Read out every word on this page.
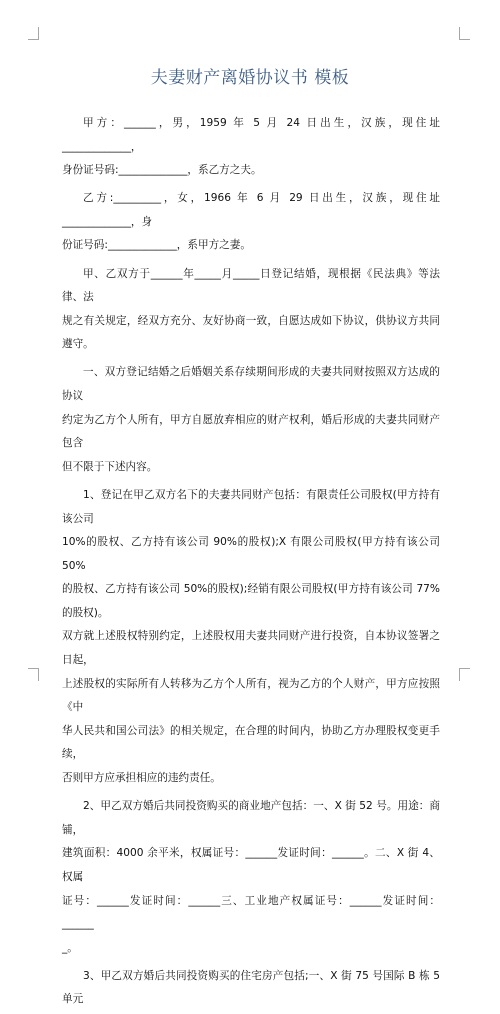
夫妻财产离婚协议书 模板
甲方：______，男，1959 年 5 月 24 日出生，汉族，现住址_____________，
身份证号码:_____________，系乙方之夫。
乙方:_________，女，1966 年 6 月 29 日出生，汉族，现住址_____________，身
份证号码:_____________，系甲方之妻。
甲、乙双方于______年_____月_____日登记结婚，现根据《民法典》等法律、法
规之有关规定，经双方充分、友好协商一致，自愿达成如下协议，供协议方共同遵守。
一、双方登记结婚之后婚姻关系存续期间形成的夫妻共同财按照双方达成的协议
约定为乙方个人所有，甲方自愿放弃相应的财产权利，婚后形成的夫妻共同财产包含
但不限于下述内容。
1、登记在甲乙双方名下的夫妻共同财产包括：有限责任公司股权(甲方持有该公司
10%的股权、乙方持有该公司 90%的股权);X 有限公司股权(甲方持有该公司 50%
的股权、乙方持有该公司 50%的股权);经销有限公司股权(甲方持有该公司 77%的股权)。
双方就上述股权特别约定，上述股权用夫妻共同财产进行投资，自本协议签署之日起，
上述股权的实际所有人转移为乙方个人所有，视为乙方的个人财产，甲方应按照《中
华人民共和国公司法》的相关规定，在合理的时间内，协助乙方办理股权变更手续，
否则甲方应承担相应的违约责任。
2、甲乙双方婚后共同投资购买的商业地产包括：一、X 街 52 号。用途：商铺，
建筑面积：4000 余平米，权属证号：______发证时间：______。二、X 街 4、权属
证号：______发证时间：______三、工业地产权属证号：______发证时间：______
_。
3、甲乙双方婚后共同投资购买的住宅房产包括;一、X 街 75 号国际 B 栋 5 单元
